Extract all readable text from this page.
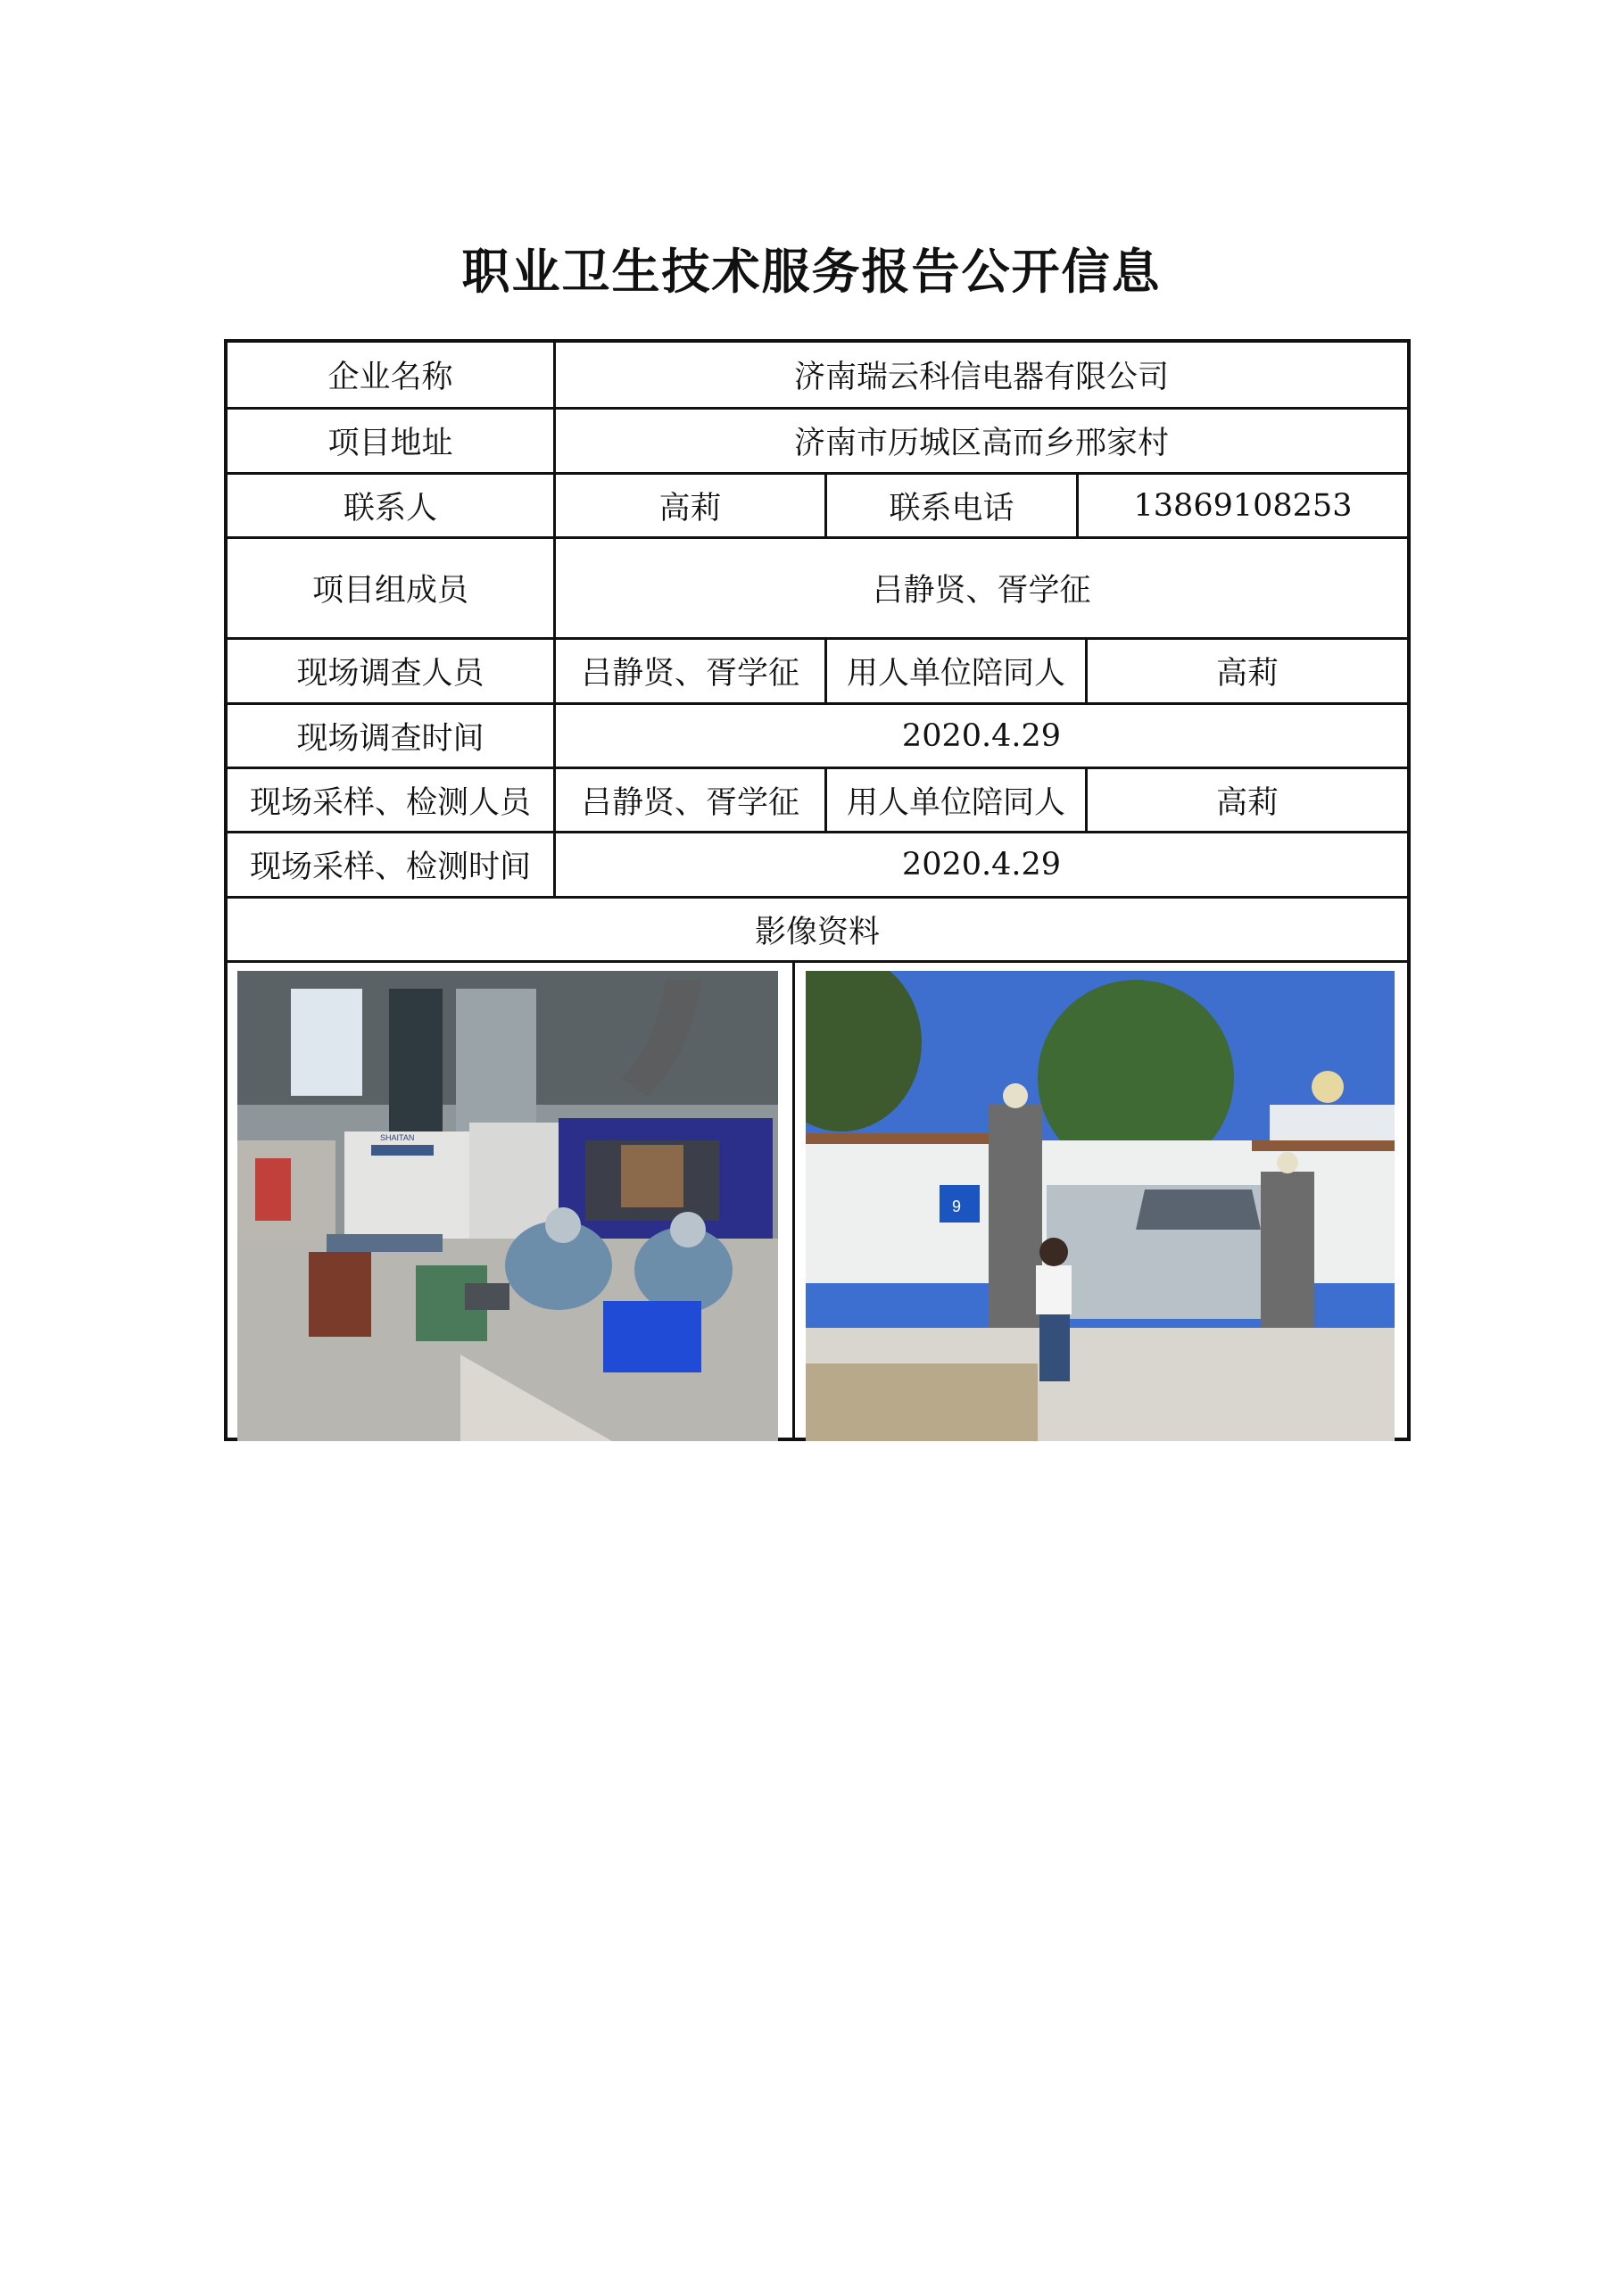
职业卫生技术服务报告公开信息
企业名称	济南瑞云科信电器有限公司
项目地址	济南市历城区高而乡邢家村
联系人	高莉	联系电话	13869108253
项目组成员	吕静贤、胥学征
现场调查人员	吕静贤、胥学征	用人单位陪同人	高莉
现场调查时间	2020.4.29
现场采样、检测人员	吕静贤、胥学征	用人单位陪同人	高莉
现场采样、检测时间	2020.4.29
影像资料
SHAITAN
9
